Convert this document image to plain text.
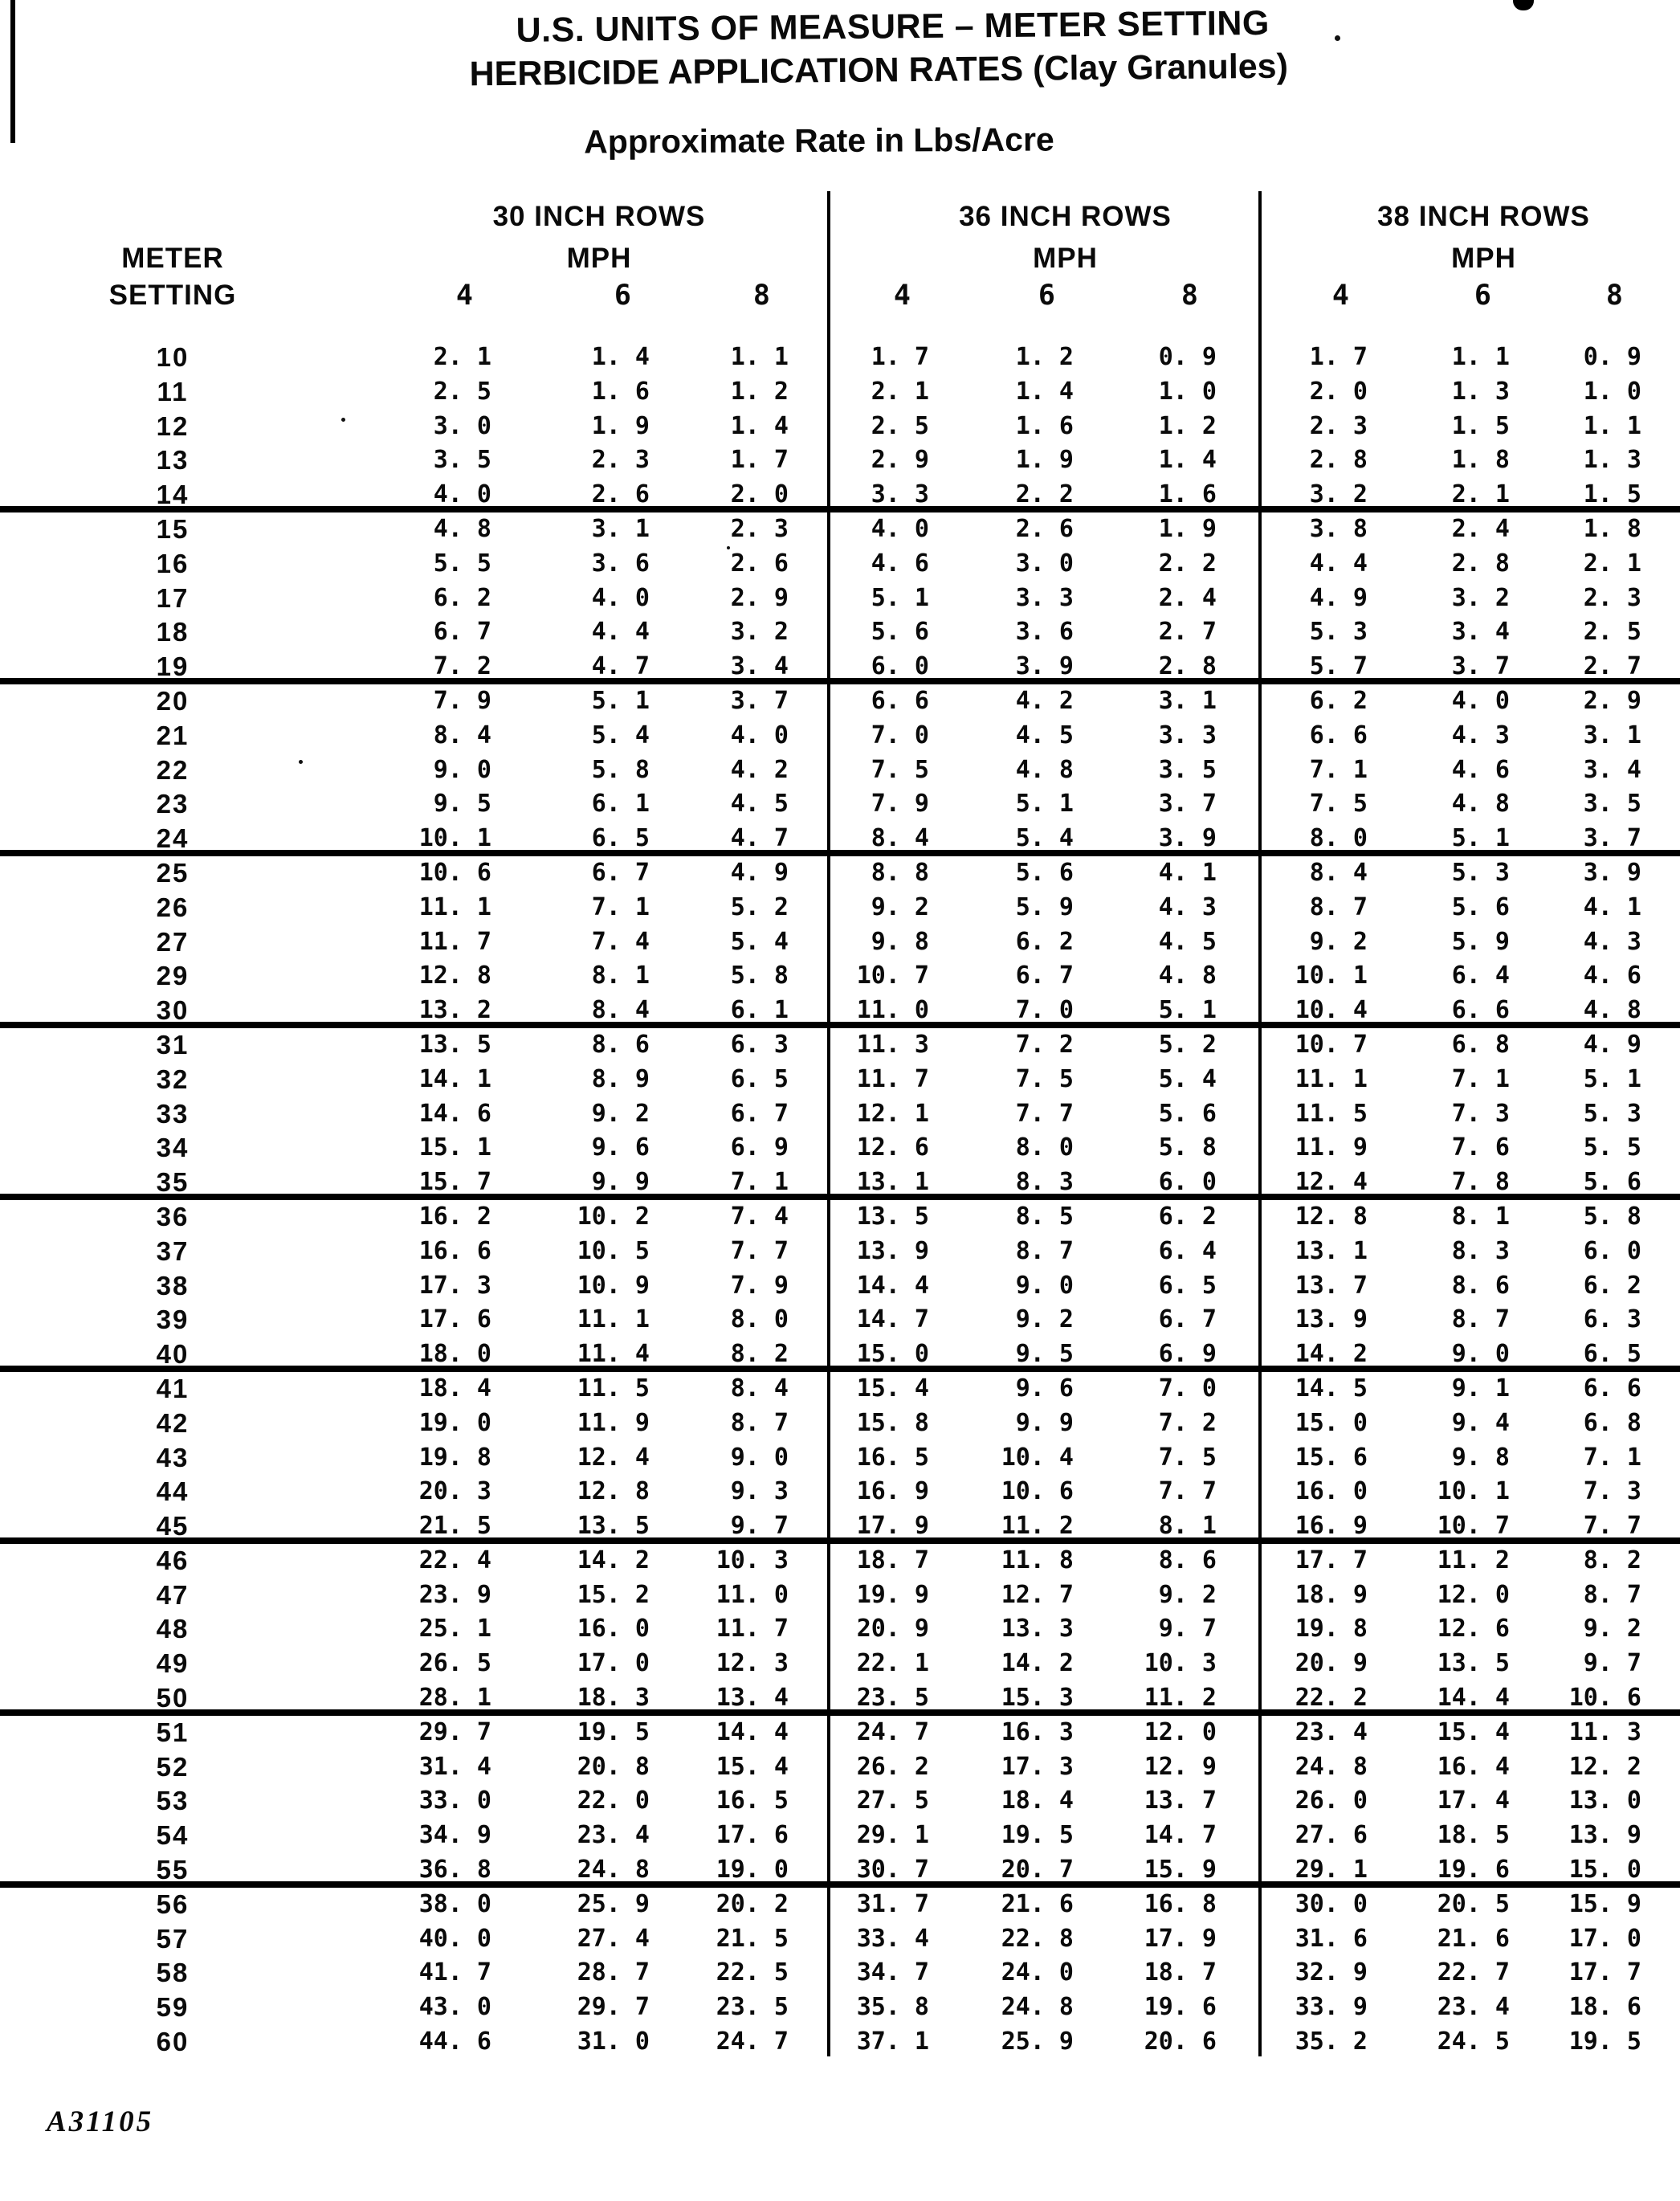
U.S. UNITS OF MEASURE – METER SETTING
HERBICIDE APPLICATION RATES (Clay Granules)
Approximate Rate in Lbs/Acre
30 INCH ROWS	36 INCH ROWS	38 INCH ROWS
METER	MPH	MPH	MPH
SETTING	4	6	8	4	6	8	4	6	8
10	2. 1	1. 4	1. 1	1. 7	1. 2	0. 9	1. 7	1. 1	0. 9
11	2. 5	1. 6	1. 2	2. 1	1. 4	1. 0	2. 0	1. 3	1. 0
12	3. 0	1. 9	1. 4	2. 5	1. 6	1. 2	2. 3	1. 5	1. 1
13	3. 5	2. 3	1. 7	2. 9	1. 9	1. 4	2. 8	1. 8	1. 3
14	4. 0	2. 6	2. 0	3. 3	2. 2	1. 6	3. 2	2. 1	1. 5
15	4. 8	3. 1	2. 3	4. 0	2. 6	1. 9	3. 8	2. 4	1. 8
16	5. 5	3. 6	2. 6	4. 6	3. 0	2. 2	4. 4	2. 8	2. 1
17	6. 2	4. 0	2. 9	5. 1	3. 3	2. 4	4. 9	3. 2	2. 3
18	6. 7	4. 4	3. 2	5. 6	3. 6	2. 7	5. 3	3. 4	2. 5
19	7. 2	4. 7	3. 4	6. 0	3. 9	2. 8	5. 7	3. 7	2. 7
20	7. 9	5. 1	3. 7	6. 6	4. 2	3. 1	6. 2	4. 0	2. 9
21	8. 4	5. 4	4. 0	7. 0	4. 5	3. 3	6. 6	4. 3	3. 1
22	9. 0	5. 8	4. 2	7. 5	4. 8	3. 5	7. 1	4. 6	3. 4
23	9. 5	6. 1	4. 5	7. 9	5. 1	3. 7	7. 5	4. 8	3. 5
24	10. 1	6. 5	4. 7	8. 4	5. 4	3. 9	8. 0	5. 1	3. 7
25	10. 6	6. 7	4. 9	8. 8	5. 6	4. 1	8. 4	5. 3	3. 9
26	11. 1	7. 1	5. 2	9. 2	5. 9	4. 3	8. 7	5. 6	4. 1
27	11. 7	7. 4	5. 4	9. 8	6. 2	4. 5	9. 2	5. 9	4. 3
29	12. 8	8. 1	5. 8	10. 7	6. 7	4. 8	10. 1	6. 4	4. 6
30	13. 2	8. 4	6. 1	11. 0	7. 0	5. 1	10. 4	6. 6	4. 8
31	13. 5	8. 6	6. 3	11. 3	7. 2	5. 2	10. 7	6. 8	4. 9
32	14. 1	8. 9	6. 5	11. 7	7. 5	5. 4	11. 1	7. 1	5. 1
33	14. 6	9. 2	6. 7	12. 1	7. 7	5. 6	11. 5	7. 3	5. 3
34	15. 1	9. 6	6. 9	12. 6	8. 0	5. 8	11. 9	7. 6	5. 5
35	15. 7	9. 9	7. 1	13. 1	8. 3	6. 0	12. 4	7. 8	5. 6
36	16. 2	10. 2	7. 4	13. 5	8. 5	6. 2	12. 8	8. 1	5. 8
37	16. 6	10. 5	7. 7	13. 9	8. 7	6. 4	13. 1	8. 3	6. 0
38	17. 3	10. 9	7. 9	14. 4	9. 0	6. 5	13. 7	8. 6	6. 2
39	17. 6	11. 1	8. 0	14. 7	9. 2	6. 7	13. 9	8. 7	6. 3
40	18. 0	11. 4	8. 2	15. 0	9. 5	6. 9	14. 2	9. 0	6. 5
41	18. 4	11. 5	8. 4	15. 4	9. 6	7. 0	14. 5	9. 1	6. 6
42	19. 0	11. 9	8. 7	15. 8	9. 9	7. 2	15. 0	9. 4	6. 8
43	19. 8	12. 4	9. 0	16. 5	10. 4	7. 5	15. 6	9. 8	7. 1
44	20. 3	12. 8	9. 3	16. 9	10. 6	7. 7	16. 0	10. 1	7. 3
45	21. 5	13. 5	9. 7	17. 9	11. 2	8. 1	16. 9	10. 7	7. 7
46	22. 4	14. 2	10. 3	18. 7	11. 8	8. 6	17. 7	11. 2	8. 2
47	23. 9	15. 2	11. 0	19. 9	12. 7	9. 2	18. 9	12. 0	8. 7
48	25. 1	16. 0	11. 7	20. 9	13. 3	9. 7	19. 8	12. 6	9. 2
49	26. 5	17. 0	12. 3	22. 1	14. 2	10. 3	20. 9	13. 5	9. 7
50	28. 1	18. 3	13. 4	23. 5	15. 3	11. 2	22. 2	14. 4	10. 6
51	29. 7	19. 5	14. 4	24. 7	16. 3	12. 0	23. 4	15. 4	11. 3
52	31. 4	20. 8	15. 4	26. 2	17. 3	12. 9	24. 8	16. 4	12. 2
53	33. 0	22. 0	16. 5	27. 5	18. 4	13. 7	26. 0	17. 4	13. 0
54	34. 9	23. 4	17. 6	29. 1	19. 5	14. 7	27. 6	18. 5	13. 9
55	36. 8	24. 8	19. 0	30. 7	20. 7	15. 9	29. 1	19. 6	15. 0
56	38. 0	25. 9	20. 2	31. 7	21. 6	16. 8	30. 0	20. 5	15. 9
57	40. 0	27. 4	21. 5	33. 4	22. 8	17. 9	31. 6	21. 6	17. 0
58	41. 7	28. 7	22. 5	34. 7	24. 0	18. 7	32. 9	22. 7	17. 7
59	43. 0	29. 7	23. 5	35. 8	24. 8	19. 6	33. 9	23. 4	18. 6
60	44. 6	31. 0	24. 7	37. 1	25. 9	20. 6	35. 2	24. 5	19. 5
A31105
